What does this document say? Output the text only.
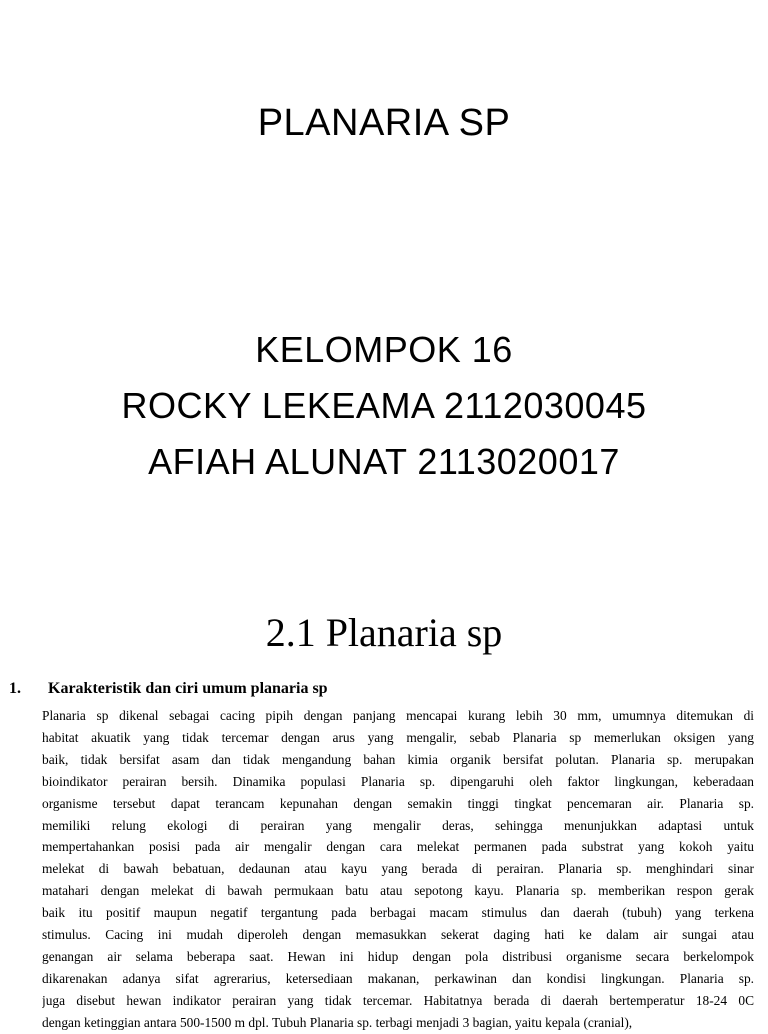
PLANARIA SP
KELOMPOK 16
ROCKY LEKEAMA 2112030045
AFIAH ALUNAT 2113020017
2.1 Planaria sp
1. Karakteristik dan ciri umum planaria sp
Planaria sp dikenal sebagai cacing pipih dengan panjang mencapai kurang lebih 30 mm, umumnya ditemukan di
habitat akuatik yang tidak tercemar dengan arus yang mengalir, sebab Planaria sp memerlukan oksigen yang
baik, tidak bersifat asam dan tidak mengandung bahan kimia organik bersifat polutan. Planaria sp. merupakan
bioindikator perairan bersih. Dinamika populasi Planaria sp. dipengaruhi oleh faktor lingkungan, keberadaan
organisme tersebut dapat terancam kepunahan dengan semakin tinggi tingkat pencemaran air. Planaria sp.
memiliki relung ekologi di perairan yang mengalir deras, sehingga menunjukkan adaptasi untuk
mempertahankan posisi pada air mengalir dengan cara melekat permanen pada substrat yang kokoh yaitu
melekat di bawah bebatuan, dedaunan atau kayu yang berada di perairan. Planaria sp. menghindari sinar
matahari dengan melekat di bawah permukaan batu atau sepotong kayu. Planaria sp. memberikan respon gerak
baik itu positif maupun negatif tergantung pada berbagai macam stimulus dan daerah (tubuh) yang terkena
stimulus. Cacing ini mudah diperoleh dengan memasukkan sekerat daging hati ke dalam air sungai atau
genangan air selama beberapa saat. Hewan ini hidup dengan pola distribusi organisme secara berkelompok
dikarenakan adanya sifat agrerarius, ketersediaan makanan, perkawinan dan kondisi lingkungan. Planaria sp.
juga disebut hewan indikator perairan yang tidak tercemar. Habitatnya berada di daerah bertemperatur 18-24 0C
dengan ketinggian antara 500-1500 m dpl. Tubuh Planaria sp. terbagi menjadi 3 bagian, yaitu kepala (cranial),
